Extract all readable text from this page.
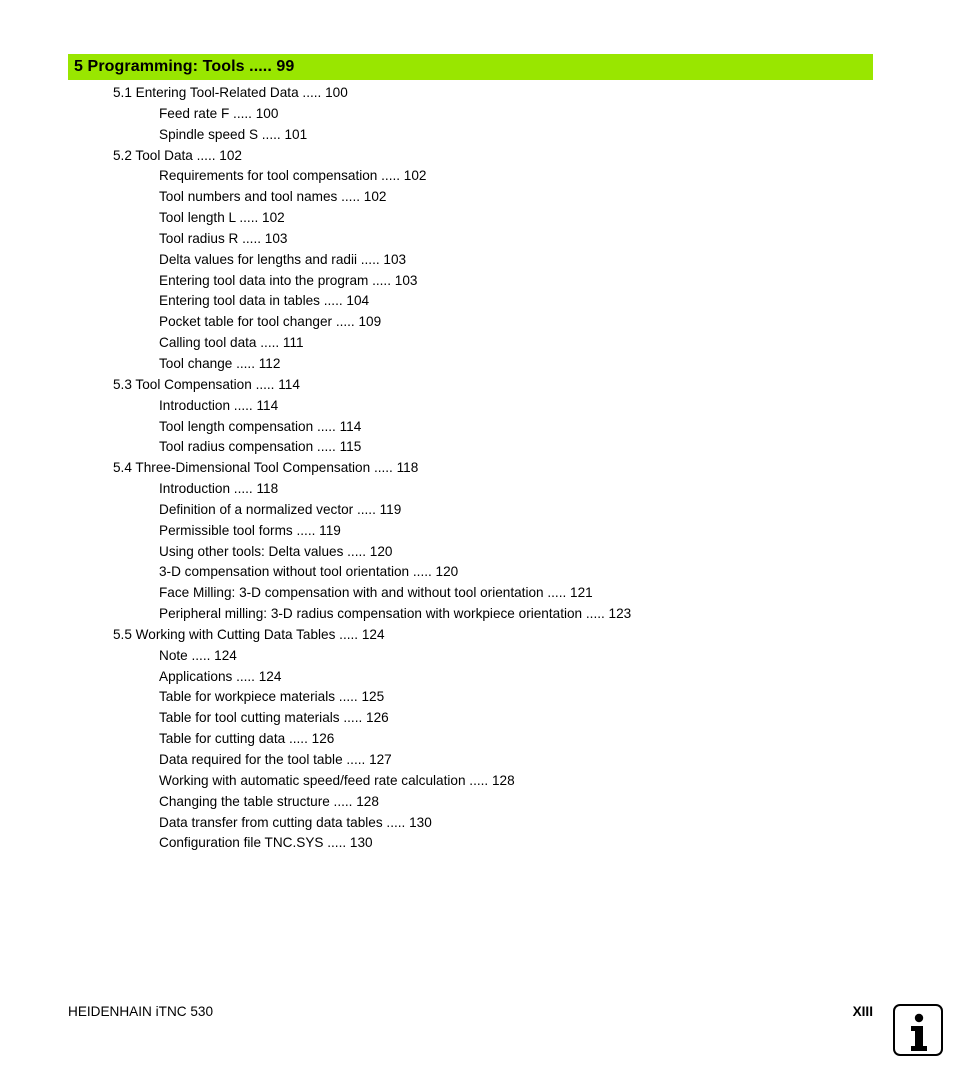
5 Programming: Tools ..... 99
5.1 Entering Tool-Related Data ..... 100
Feed rate F ..... 100
Spindle speed S ..... 101
5.2 Tool Data ..... 102
Requirements for tool compensation ..... 102
Tool numbers and tool names ..... 102
Tool length L ..... 102
Tool radius R ..... 103
Delta values for lengths and radii ..... 103
Entering tool data into the program ..... 103
Entering tool data in tables ..... 104
Pocket table for tool changer ..... 109
Calling tool data ..... 111
Tool change ..... 112
5.3 Tool Compensation ..... 114
Introduction ..... 114
Tool length compensation ..... 114
Tool radius compensation ..... 115
5.4 Three-Dimensional Tool Compensation ..... 118
Introduction ..... 118
Definition of a normalized vector ..... 119
Permissible tool forms ..... 119
Using other tools: Delta values ..... 120
3-D compensation without tool orientation ..... 120
Face Milling: 3-D compensation with and without tool orientation ..... 121
Peripheral milling: 3-D radius compensation with workpiece orientation ..... 123
5.5 Working with Cutting Data Tables ..... 124
Note ..... 124
Applications ..... 124
Table for workpiece materials ..... 125
Table for tool cutting materials ..... 126
Table for cutting data ..... 126
Data required for the tool table ..... 127
Working with automatic speed/feed rate calculation ..... 128
Changing the table structure ..... 128
Data transfer from cutting data tables ..... 130
Configuration file TNC.SYS ..... 130
HEIDENHAIN iTNC 530	XIII
